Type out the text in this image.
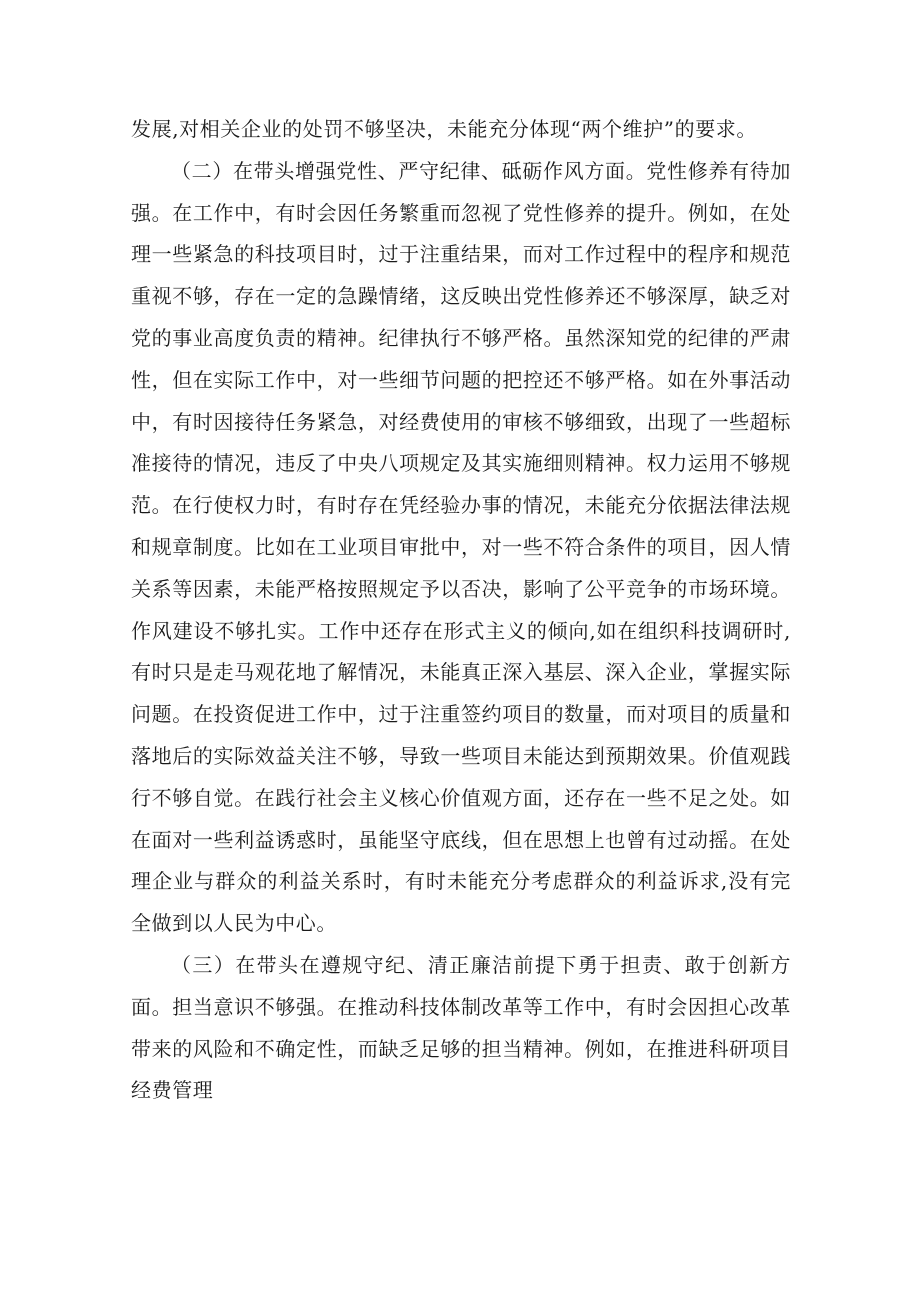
发展,对相关企业的处罚不够坚决，未能充分体现“两个维护”的要求。

（二）在带头增强党性、严守纪律、砥砺作风方面。党性修养有待加强。在工作中，有时会因任务繁重而忽视了党性修养的提升。例如，在处理一些紧急的科技项目时，过于注重结果，而对工作过程中的程序和规范重视不够，存在一定的急躁情绪，这反映出党性修养还不够深厚，缺乏对党的事业高度负责的精神。纪律执行不够严格。虽然深知党的纪律的严肃性，但在实际工作中，对一些细节问题的把控还不够严格。如在外事活动中，有时因接待任务紧急，对经费使用的审核不够细致，出现了一些超标准接待的情况，违反了中央八项规定及其实施细则精神。权力运用不够规范。在行使权力时，有时存在凭经验办事的情况，未能充分依据法律法规和规章制度。比如在工业项目审批中，对一些不符合条件的项目，因人情关系等因素，未能严格按照规定予以否决，影响了公平竞争的市场环境。作风建设不够扎实。工作中还存在形式主义的倾向,如在组织科技调研时,有时只是走马观花地了解情况，未能真正深入基层、深入企业，掌握实际问题。在投资促进工作中，过于注重签约项目的数量，而对项目的质量和落地后的实际效益关注不够，导致一些项目未能达到预期效果。价值观践行不够自觉。在践行社会主义核心价值观方面，还存在一些不足之处。如在面对一些利益诱惑时，虽能坚守底线，但在思想上也曾有过动摇。在处理企业与群众的利益关系时，有时未能充分考虑群众的利益诉求,没有完全做到以人民为中心。

（三）在带头在遵规守纪、清正廉洁前提下勇于担责、敢于创新方面。担当意识不够强。在推动科技体制改革等工作中，有时会因担心改革带来的风险和不确定性，而缺乏足够的担当精神。例如，在推进科研项目经费管理
